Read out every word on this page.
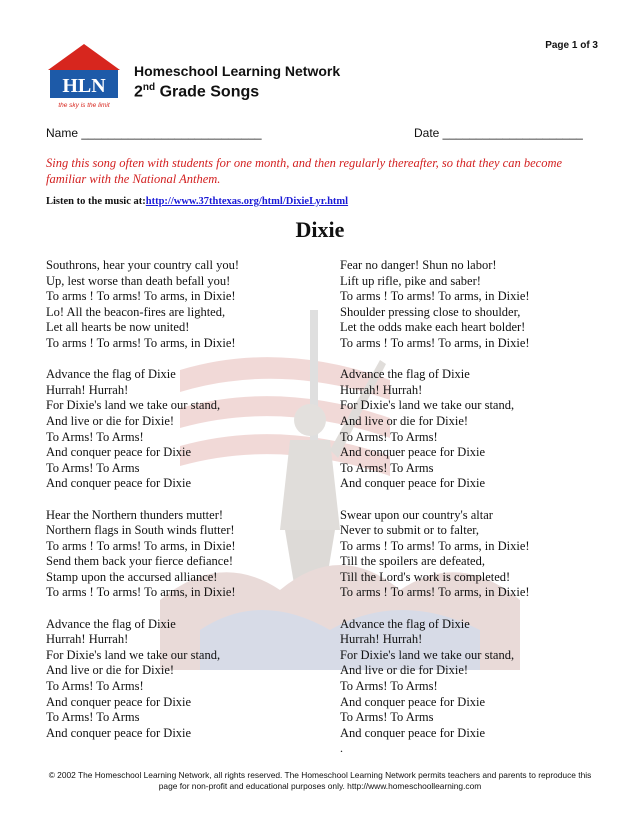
Page 1 of 3
HLN
the sky is the limit
Homeschool Learning Network
2nd Grade Songs
Name ___________________________	Date _____________________
Sing this song often with students for one month, and then regularly thereafter, so that they can become familiar with the National Anthem.
Listen to the music at:http://www.37thtexas.org/html/DixieLyr.html
Dixie
Southrons, hear your country call you!
Up, lest worse than death befall you!
To arms ! To arms! To arms, in Dixie!
Lo! All the beacon-fires are lighted,
Let all hearts be now united!
To arms ! To arms! To arms, in Dixie!
Advance the flag of Dixie
Hurrah! Hurrah!
For Dixie's land we take our stand,
And live or die for Dixie!
To Arms! To Arms!
And conquer peace for Dixie
To Arms! To Arms
And conquer peace for Dixie
Hear the Northern thunders mutter!
Northern flags in South winds flutter!
To arms ! To arms! To arms, in Dixie!
Send them back your fierce defiance!
Stamp upon the accursed alliance!
To arms ! To arms! To arms, in Dixie!
Advance the flag of Dixie
Hurrah! Hurrah!
For Dixie's land we take our stand,
And live or die for Dixie!
To Arms! To Arms!
And conquer peace for Dixie
To Arms! To Arms
And conquer peace for Dixie
Fear no danger! Shun no labor!
Lift up rifle, pike and saber!
To arms ! To arms! To arms, in Dixie!
Shoulder pressing close to shoulder,
Let the odds make each heart bolder!
To arms ! To arms! To arms, in Dixie!
Advance the flag of Dixie
Hurrah! Hurrah!
For Dixie's land we take our stand,
And live or die for Dixie!
To Arms! To Arms!
And conquer peace for Dixie
To Arms! To Arms
And conquer peace for Dixie
Swear upon our country's altar
Never to submit or to falter,
To arms ! To arms! To arms, in Dixie!
Till the spoilers are defeated,
Till the Lord's work is completed!
To arms ! To arms! To arms, in Dixie!
Advance the flag of Dixie
Hurrah! Hurrah!
For Dixie's land we take our stand,
And live or die for Dixie!
To Arms! To Arms!
And conquer peace for Dixie
To Arms! To Arms
And conquer peace for Dixie
.
© 2002 The Homeschool Learning Network, all rights reserved. The Homeschool Learning Network permits teachers and parents to reproduce this
page for non-profit and educational purposes only. http://www.homeschoollearning.com
